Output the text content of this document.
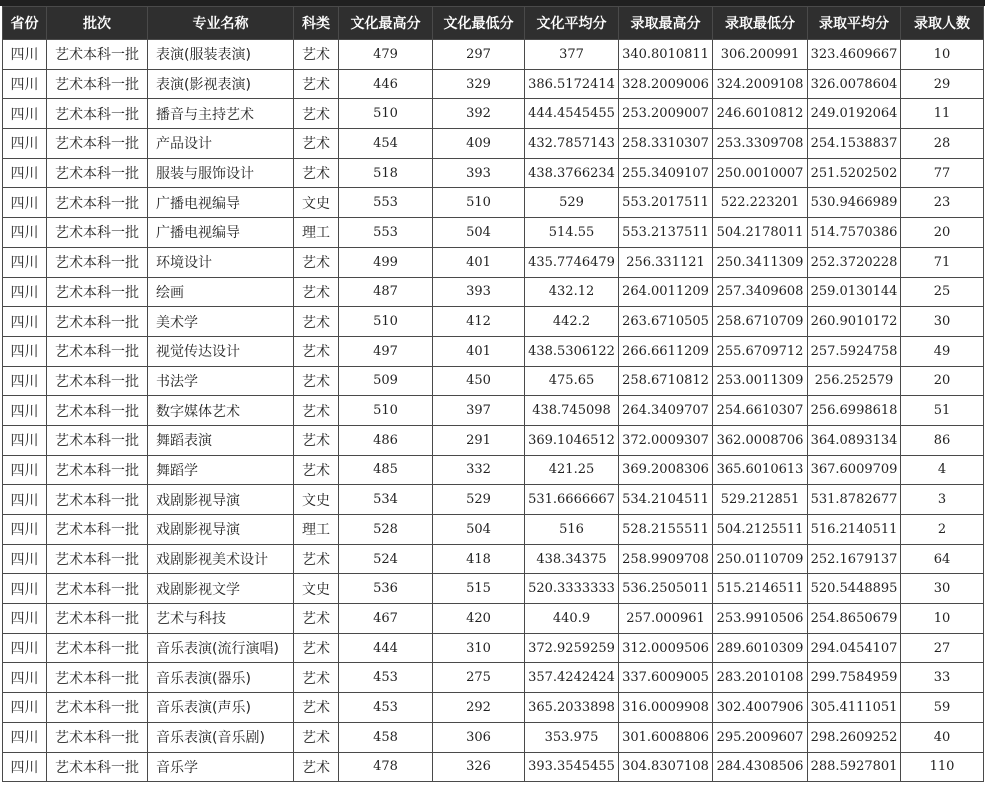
省份	批次	专业名称	科类	文化最高分	文化最低分	文化平均分	录取最高分	录取最低分	录取平均分	录取人数
四川	艺术本科一批	表演(服装表演)	艺术	479	297	377	340.8010811	306.200991	323.4609667	10
四川	艺术本科一批	表演(影视表演)	艺术	446	329	386.5172414	328.2009006	324.2009108	326.0078604	29
四川	艺术本科一批	播音与主持艺术	艺术	510	392	444.4545455	253.2009007	246.6010812	249.0192064	11
四川	艺术本科一批	产品设计	艺术	454	409	432.7857143	258.3310307	253.3309708	254.1538837	28
四川	艺术本科一批	服装与服饰设计	艺术	518	393	438.3766234	255.3409107	250.0010007	251.5202502	77
四川	艺术本科一批	广播电视编导	文史	553	510	529	553.2017511	522.223201	530.9466989	23
四川	艺术本科一批	广播电视编导	理工	553	504	514.55	553.2137511	504.2178011	514.7570386	20
四川	艺术本科一批	环境设计	艺术	499	401	435.7746479	256.331121	250.3411309	252.3720228	71
四川	艺术本科一批	绘画	艺术	487	393	432.12	264.0011209	257.3409608	259.0130144	25
四川	艺术本科一批	美术学	艺术	510	412	442.2	263.6710505	258.6710709	260.9010172	30
四川	艺术本科一批	视觉传达设计	艺术	497	401	438.5306122	266.6611209	255.6709712	257.5924758	49
四川	艺术本科一批	书法学	艺术	509	450	475.65	258.6710812	253.0011309	256.252579	20
四川	艺术本科一批	数字媒体艺术	艺术	510	397	438.745098	264.3409707	254.6610307	256.6998618	51
四川	艺术本科一批	舞蹈表演	艺术	486	291	369.1046512	372.0009307	362.0008706	364.0893134	86
四川	艺术本科一批	舞蹈学	艺术	485	332	421.25	369.2008306	365.6010613	367.6009709	4
四川	艺术本科一批	戏剧影视导演	文史	534	529	531.6666667	534.2104511	529.212851	531.8782677	3
四川	艺术本科一批	戏剧影视导演	理工	528	504	516	528.2155511	504.2125511	516.2140511	2
四川	艺术本科一批	戏剧影视美术设计	艺术	524	418	438.34375	258.9909708	250.0110709	252.1679137	64
四川	艺术本科一批	戏剧影视文学	文史	536	515	520.3333333	536.2505011	515.2146511	520.5448895	30
四川	艺术本科一批	艺术与科技	艺术	467	420	440.9	257.000961	253.9910506	254.8650679	10
四川	艺术本科一批	音乐表演(流行演唱)	艺术	444	310	372.9259259	312.0009506	289.6010309	294.0454107	27
四川	艺术本科一批	音乐表演(器乐)	艺术	453	275	357.4242424	337.6009005	283.2010108	299.7584959	33
四川	艺术本科一批	音乐表演(声乐)	艺术	453	292	365.2033898	316.0009908	302.4007906	305.4111051	59
四川	艺术本科一批	音乐表演(音乐剧)	艺术	458	306	353.975	301.6008806	295.2009607	298.2609252	40
四川	艺术本科一批	音乐学	艺术	478	326	393.3545455	304.8307108	284.4308506	288.5927801	110
